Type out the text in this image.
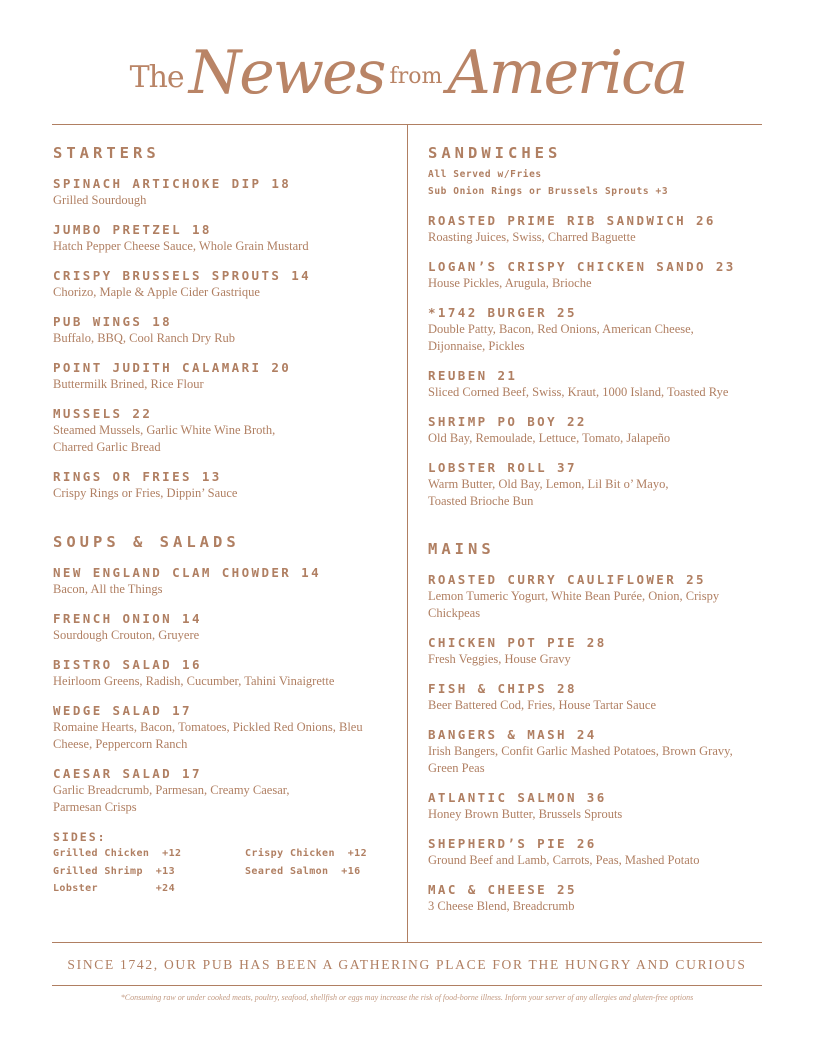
The Newes from America
STARTERS
SPINACH ARTICHOKE DIP 18
Grilled Sourdough
JUMBO PRETZEL 18
Hatch Pepper Cheese Sauce, Whole Grain Mustard
CRISPY BRUSSELS SPROUTS 14
Chorizo, Maple & Apple Cider Gastrique
PUB WINGS 18
Buffalo, BBQ, Cool Ranch Dry Rub
POINT JUDITH CALAMARI 20
Buttermilk Brined, Rice Flour
MUSSELS 22
Steamed Mussels, Garlic White Wine Broth, Charred Garlic Bread
RINGS OR FRIES 13
Crispy Rings or Fries, Dippin’ Sauce
SOUPS & SALADS
NEW ENGLAND CLAM CHOWDER 14
Bacon, All the Things
FRENCH ONION 14
Sourdough Crouton, Gruyere
BISTRO SALAD 16
Heirloom Greens, Radish, Cucumber, Tahini Vinaigrette
WEDGE SALAD 17
Romaine Hearts, Bacon, Tomatoes, Pickled Red Onions, Bleu Cheese, Peppercorn Ranch
CAESAR SALAD 17
Garlic Breadcrumb, Parmesan, Creamy Caesar, Parmesan Crisps
SIDES:
Grilled Chicken  +12	Crispy Chicken  +12
Grilled Shrimp  +13	Seared Salmon  +16
Lobster         +24
SANDWICHES
All Served w/Fries
Sub Onion Rings or Brussels Sprouts +3
ROASTED PRIME RIB SANDWICH 26
Roasting Juices, Swiss, Charred Baguette
LOGAN’S CRISPY CHICKEN SANDO 23
House Pickles, Arugula, Brioche
*1742 BURGER 25
Double Patty, Bacon, Red Onions, American Cheese, Dijonnaise, Pickles
REUBEN 21
Sliced Corned Beef, Swiss, Kraut, 1000 Island, Toasted Rye
SHRIMP PO BOY 22
Old Bay, Remoulade, Lettuce, Tomato, Jalapeño
LOBSTER ROLL 37
Warm Butter, Old Bay, Lemon, Lil Bit o’ Mayo, Toasted Brioche Bun
MAINS
ROASTED CURRY CAULIFLOWER 25
Lemon Tumeric Yogurt, White Bean Purée, Onion, Crispy Chickpeas
CHICKEN POT PIE 28
Fresh Veggies, House Gravy
FISH & CHIPS 28
Beer Battered Cod, Fries, House Tartar Sauce
BANGERS & MASH 24
Irish Bangers, Confit Garlic Mashed Potatoes, Brown Gravy, Green Peas
ATLANTIC SALMON 36
Honey Brown Butter, Brussels Sprouts
SHEPHERD’S PIE 26
Ground Beef and Lamb, Carrots, Peas, Mashed Potato
MAC & CHEESE 25
3 Cheese Blend, Breadcrumb
SINCE 1742, OUR PUB HAS BEEN A GATHERING PLACE FOR THE HUNGRY AND CURIOUS
*Consuming raw or under cooked meats, poultry, seafood, shellfish or eggs may increase the risk of food-borne illness. Inform your server of any allergies and gluten-free options
